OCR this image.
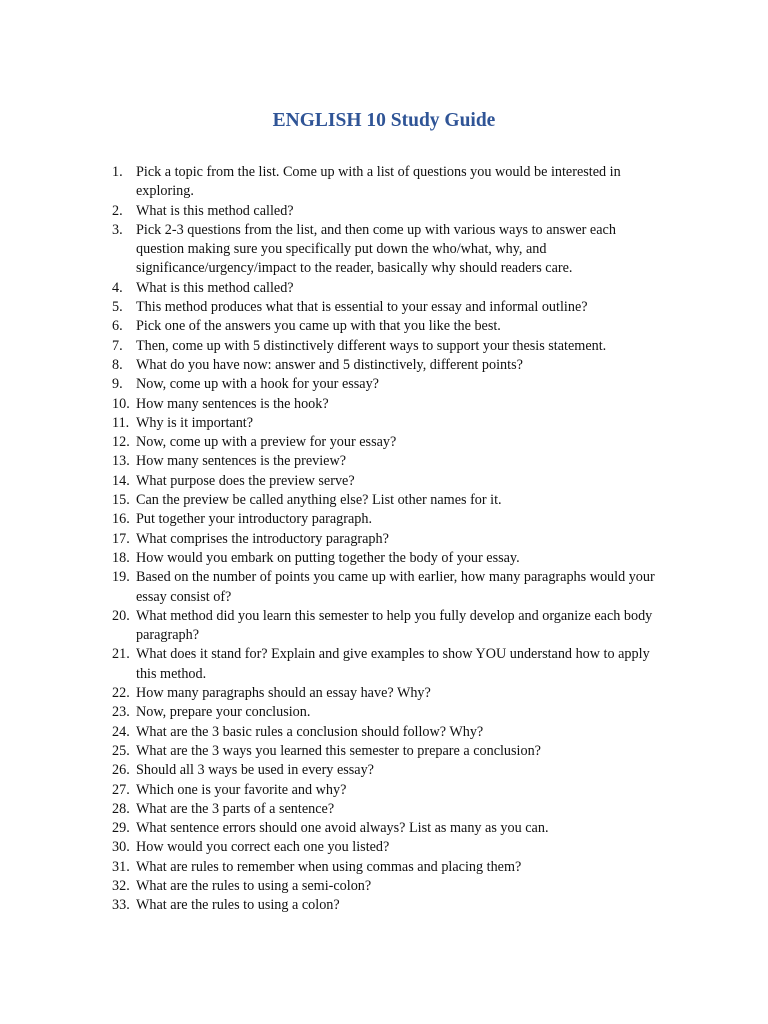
ENGLISH 10 Study Guide
1. Pick a topic from the list. Come up with a list of questions you would be interested in exploring.
2. What is this method called?
3. Pick 2-3 questions from the list, and then come up with various ways to answer each question making sure you specifically put down the who/what, why, and significance/urgency/impact to the reader, basically why should readers care.
4. What is this method called?
5. This method produces what that is essential to your essay and informal outline?
6. Pick one of the answers you came up with that you like the best.
7. Then, come up with 5 distinctively different ways to support your thesis statement.
8. What do you have now: answer and 5 distinctively, different points?
9. Now, come up with a hook for your essay?
10. How many sentences is the hook?
11. Why is it important?
12. Now, come up with a preview for your essay?
13. How many sentences is the preview?
14. What purpose does the preview serve?
15. Can the preview be called anything else? List other names for it.
16. Put together your introductory paragraph.
17. What comprises the introductory paragraph?
18. How would you embark on putting together the body of your essay.
19. Based on the number of points you came up with earlier, how many paragraphs would your essay consist of?
20. What method did you learn this semester to help you fully develop and organize each body paragraph?
21. What does it stand for? Explain and give examples to show YOU understand how to apply this method.
22. How many paragraphs should an essay have? Why?
23. Now, prepare your conclusion.
24. What are the 3 basic rules a conclusion should follow? Why?
25. What are the 3 ways you learned this semester to prepare a conclusion?
26. Should all 3 ways be used in every essay?
27. Which one is your favorite and why?
28. What are the 3 parts of a sentence?
29. What sentence errors should one avoid always? List as many as you can.
30. How would you correct each one you listed?
31. What are rules to remember when using commas and placing them?
32. What are the rules to using a semi-colon?
33. What are the rules to using a colon?
